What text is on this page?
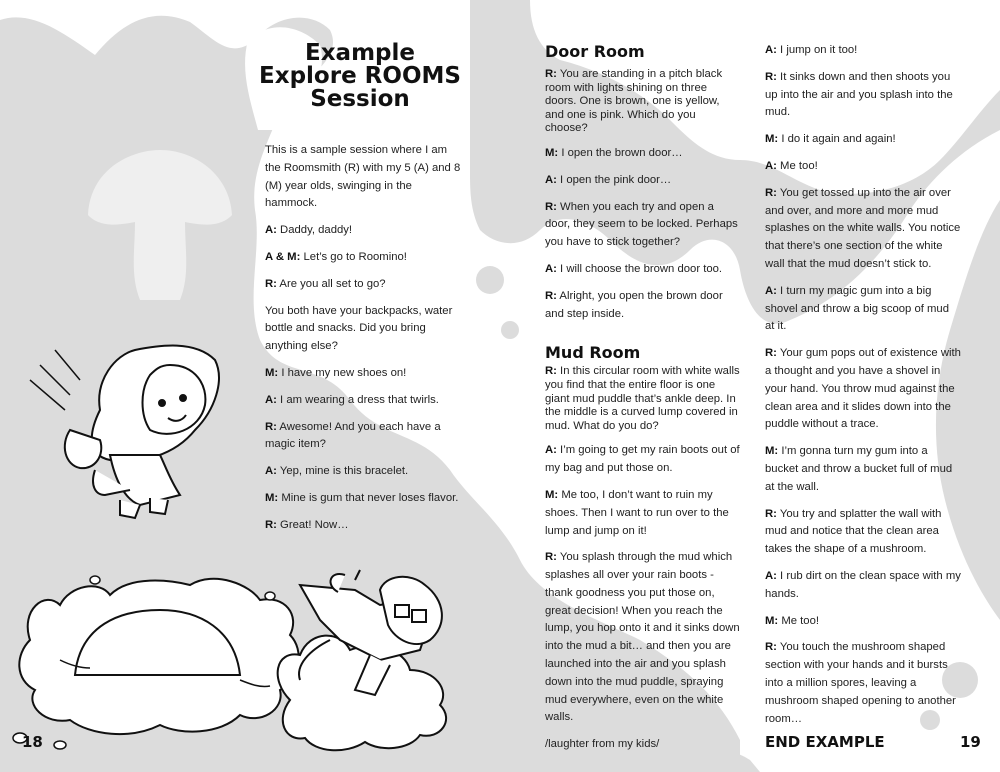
Example
Explore ROOMS
Session

This is a sample session where I am the Roomsmith (R) with my 5 (A) and 8 (M) year olds, swinging in the hammock.

A: Daddy, daddy!

A & M: Let’s go to Roomino!

R: Are you all set to go?

You both have your backpacks, water bottle and snacks. Did you bring anything else?

M: I have my new shoes on!

A: I am wearing a dress that twirls.

R: Awesome! And you each have a magic item?

A: Yep, mine is this bracelet.

M: Mine is gum that never loses flavor.

R: Great! Now…

Door Room

R: You are standing in a pitch black room with lights shining on three doors. One is brown, one is yellow, and one is pink. Which do you choose?

M: I open the brown door…

A: I open the pink door…

R: When you each try and open a door, they seem to be locked. Perhaps you have to stick together?

A: I will choose the brown door too.

R: Alright, you open the brown door and step inside.

Mud Room

R: In this circular room with white walls you find that the entire floor is one giant mud puddle that’s ankle deep. In the middle is a curved lump covered in mud. What do you do?

A: I’m going to get my rain boots out of my bag and put those on.

M: Me too, I don’t want to ruin my shoes. Then I want to run over to the lump and jump on it!

R: You splash through the mud which splashes all over your rain boots - thank goodness you put those on, great decision! When you reach the lump, you hop onto it and it sinks down into the mud a bit… and then you are launched into the air and you splash down into the mud puddle, spraying mud everywhere, even on the white walls.

/laughter from my kids/

A: I jump on it too!

R: It sinks down and then shoots you up into the air and you splash into the mud.

M: I do it again and again!

A: Me too!

R: You get tossed up into the air over and over, and more and more mud splashes on the white walls. You notice that there’s one section of the white wall that the mud doesn’t stick to.

A: I turn my magic gum into a big shovel and throw a big scoop of mud at it.

R: Your gum pops out of existence with a thought and you have a shovel in your hand. You throw mud against the clean area and it slides down into the puddle without a trace.

M: I’m gonna turn my gum into a bucket and throw a bucket full of mud at the wall.

R: You try and splatter the wall with mud and notice that the clean area takes the shape of a mushroom.

A: I rub dirt on the clean space with my hands.

M: Me too!

R: You touch the mushroom shaped section with your hands and it bursts into a million spores, leaving a mushroom shaped opening to another room…

END EXAMPLE
18	19
